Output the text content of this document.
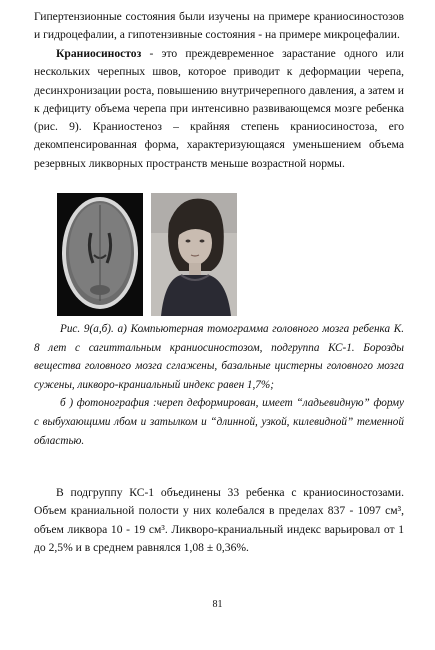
Гипертензионные состояния были изучены на примере краниосиностозов и гидроцефалии, а гипотензивные состояния - на примере микроцефалии.

Краниосиностоз - это преждевременное зарастание одного или нескольких черепных швов, которое приводит к деформации черепа, десинхронизации роста, повышению внутричерепного давления, а затем и к дефициту объема черепа при интенсивно развивающемся мозге ребенка (рис. 9). Краниостеноз – крайняя степень краниосиностоза, его декомпенсированная форма, характеризующаяся уменьшением объема резервных ликворных пространств меньше возрастной нормы.

Рис. 9(а,б). а) Компьютерная томограмма головного мозга ребенка К. 8 лет с сагиттальным краниосиностозом, подгруппа КС-1. Борозды вещества головного мозга сглажены, базальные цистерны головного мозга сужены, ликворо-краниальный индекс равен 1,7%;
б ) фотонография :череп деформирован, имеет “ладьевидную” форму с выбухающими лбом и затылком и “длинной, узкой, килевидной” теменной областью.

В подгруппу КС-1 объединены 33 ребенка с краниосиностозами. Объем краниальной полости у них колебался в пределах 837 - 1097 см³, объем ликвора 10 - 19 см³. Ликворо-краниальный индекс варьировал от 1 до 2,5% и в среднем равнялся 1,08 ± 0,36%.

81
